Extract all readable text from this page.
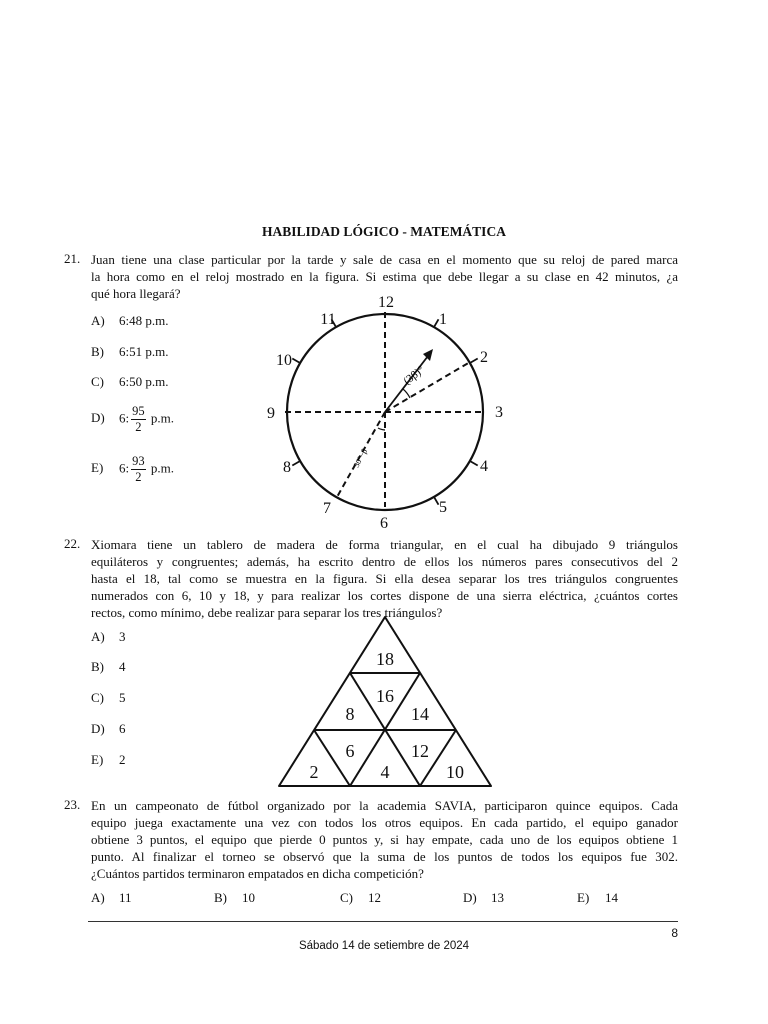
HABILIDAD LÓGICO - MATEMÁTICA
21. Juan tiene una clase particular por la tarde y sale de casa en el momento que su reloj de pared marca
la hora como en el reloj mostrado en la figura. Si estima que debe llegar a su clase en 42 minutos, ¿a
qué hora llegará?
A) 6:48 p.m.
B) 6:51 p.m.
C) 6:50 p.m.
D) 6: $\frac{95}{2} p.m$.
E) 6: $\frac{93}{2} p.m$.
(3β)°
30°−β
12
1
2
3
4
5
6
7
8
9
10
11
22. Xiomara tiene un tablero de madera de forma triangular, en el cual ha dibujado 9 triángulos
equiláteros y congruentes; además, ha escrito dentro de ellos los números pares consecutivos del 2
hasta el 18, tal como se muestra en la figura. Si ella desea separar los tres triángulos congruentes
numerados con 6, 10 y 18, y para realizar los cortes dispone de una sierra eléctrica, ¿cuántos cortes
rectos, como mínimo, debe realizar para separar los tres triángulos?
A) 3
B) 4
C) 5
D) 6
E) 2
18
16
8	14
6	12
2	4	10
23. En un campeonato de fútbol organizado por la academia SAVIA, participaron quince equipos. Cada
equipo juega exactamente una vez con todos los otros equipos. En cada partido, el equipo ganador
obtiene 3 puntos, el equipo que pierde 0 puntos y, si hay empate, cada uno de los equipos obtiene 1
punto. Al finalizar el torneo se observó que la suma de los puntos de todos los equipos fue 302.
¿Cuántos partidos terminaron empatados en dicha competición?
A) 11	B) 10	C) 12	D) 13	E) 14
8
Sábado 14 de setiembre de 2024
